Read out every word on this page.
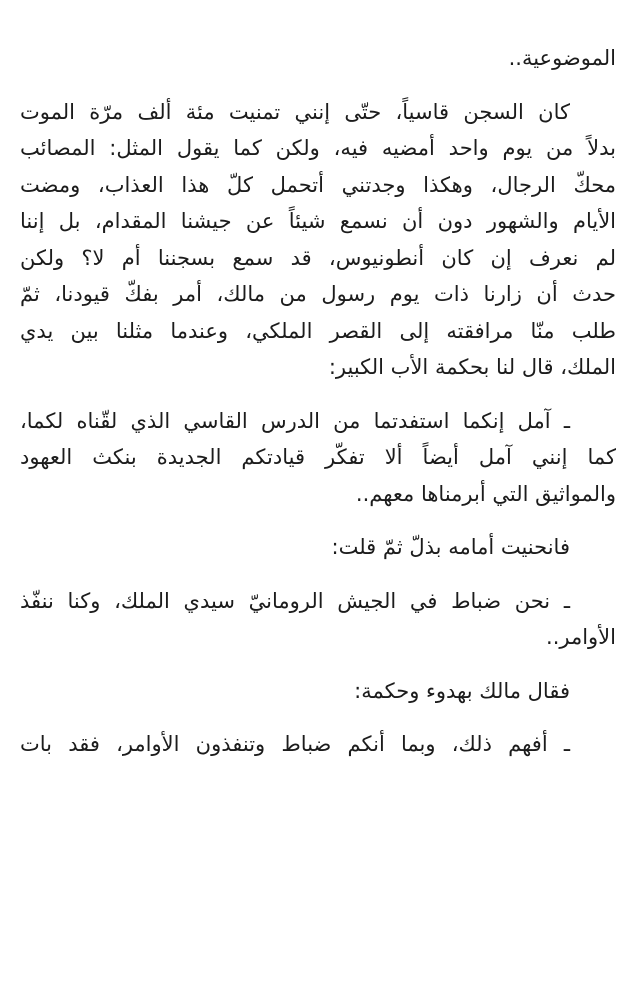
الموضوعية..

كان السجن قاسياً، حتّى إنني تمنيت مئة ألف مرّة الموت

بدلاً من يوم واحد أمضيه فيه، ولكن كما يقول المثل: المصائب
محكّ الرجال، وهكذا وجدتني أتحمل كلّ هذا العذاب، ومضت
الأيام والشهور دون أن نسمع شيئاً عن جيشنا المقدام، بل إننا
لم نعرف إن كان أنطونيوس، قد سمع بسجننا أم لا؟ ولكن
حدث أن زارنا ذات يوم رسول من مالك، أمر بفكّ قيودنا، ثمّ
طلب منّا مرافقته إلى القصر الملكي، وعندما مثلنا بين يدي
الملك، قال لنا بحكمة الأب الكبير:

ـ آمل إنكما استفدتما من الدرس القاسي الذي لقّناه لكما،

كما إنني آمل أيضاً ألا تفكّر قيادتكم الجديدة بنكث العهود
والمواثيق التي أبرمناها معهم..

فانحنيت أمامه بذلّ ثمّ قلت:

ـ نحن ضباط في الجيش الرومانيّ سيدي الملك، وكنا ننفّذ

الأوامر..

فقال مالك بهدوء وحكمة:

ـ أفهم ذلك، وبما أنكم ضباط وتنفذون الأوامر، فقد بات
